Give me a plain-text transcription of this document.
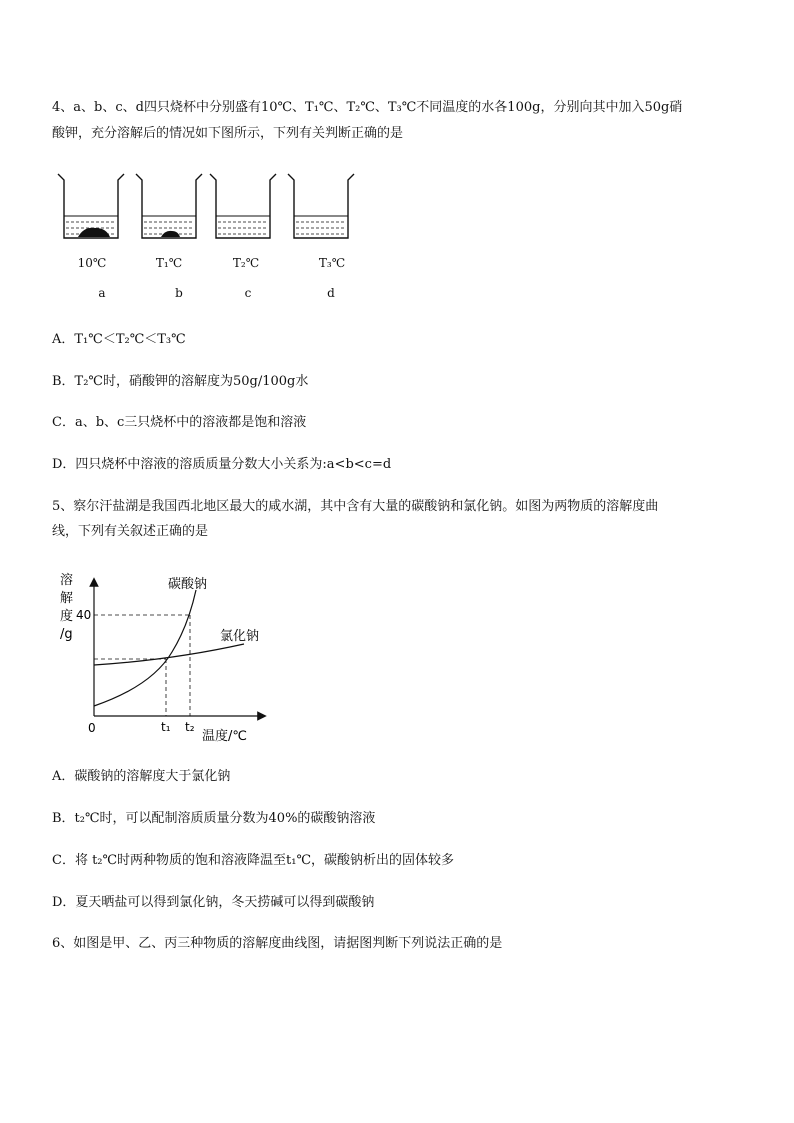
4、a、b、c、d四只烧杯中分别盛有10℃、T₁℃、T₂℃、T₃℃不同温度的水各100g，分别向其中加入50g硝
酸钾，充分溶解后的情况如下图所示，下列有关判断正确的是
10℃	T₁℃	T₂℃	T₃℃
a	b	c	d
A．T₁℃＜T₂℃＜T₃℃
B．T₂℃时，硝酸钾的溶解度为50g/100g水
C．a、b、c三只烧杯中的溶液都是饱和溶液
D．四只烧杯中溶液的溶质质量分数大小关系为:a<b<c=d
5、察尔汗盐湖是我国西北地区最大的咸水湖，其中含有大量的碳酸钠和氯化钠。如图为两物质的溶解度曲
线，下列有关叙述正确的是
溶
解
度
/g
40
0	t₁ t₂
温度/℃
碳酸钠
氯化钠
A．碳酸钠的溶解度大于氯化钠
B．t₂℃时，可以配制溶质质量分数为40%的碳酸钠溶液
C．将 t₂℃时两种物质的饱和溶液降温至t₁℃，碳酸钠析出的固体较多
D．夏天晒盐可以得到氯化钠，冬天捞碱可以得到碳酸钠
6、如图是甲、乙、丙三种物质的溶解度曲线图，请据图判断下列说法正确的是
